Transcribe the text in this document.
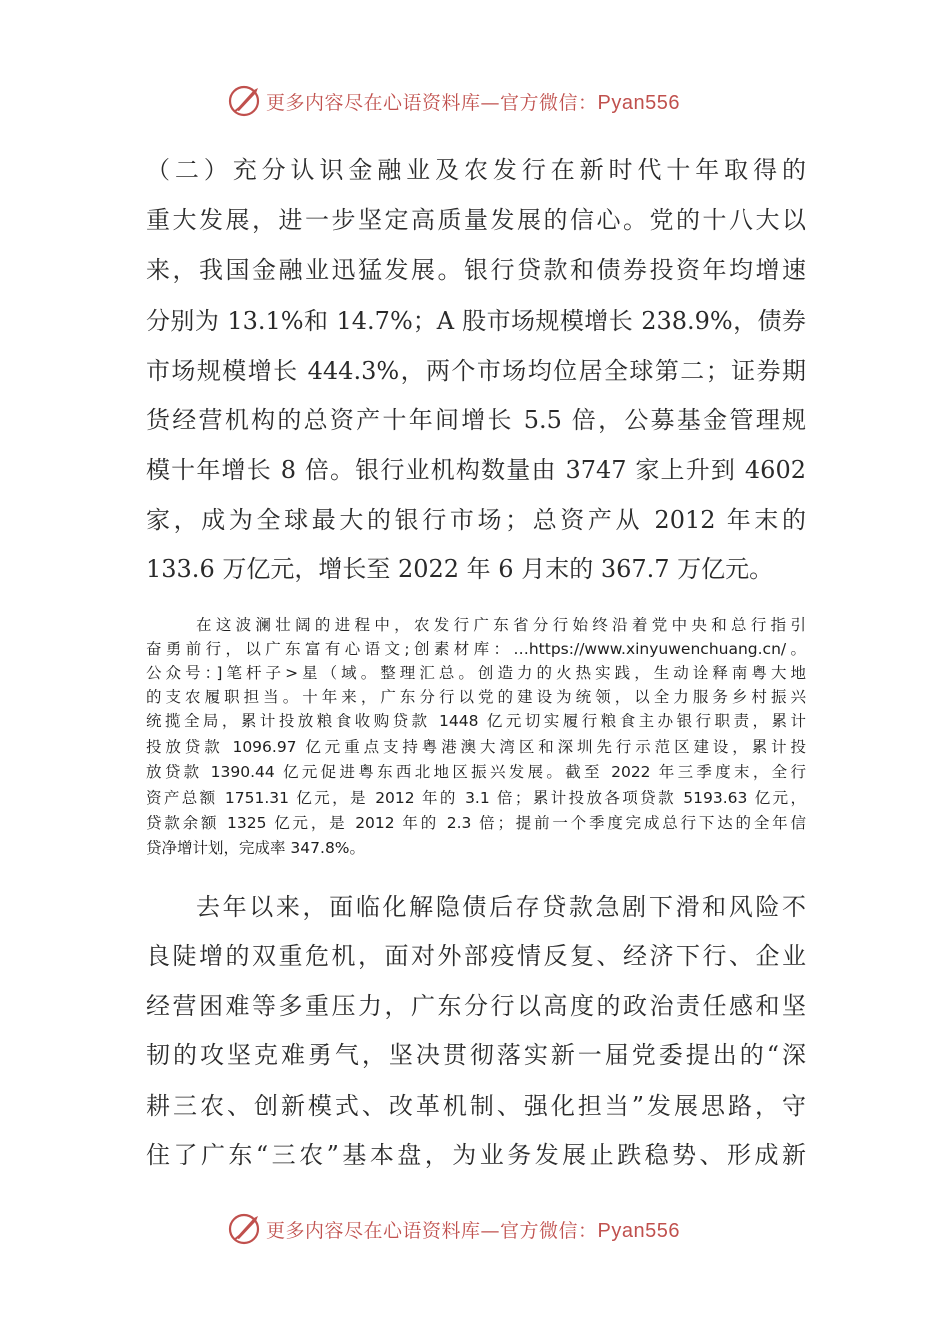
更多内容尽在心语资料库—官方微信：Pyan556
（二）充分认识金融业及农发行在新时代十年取得的
重大发展，进一步坚定高质量发展的信心。党的十八大以
来，我国金融业迅猛发展。银行贷款和债券投资年均增速
分别为 13.1%和 14.7%；A 股市场规模增长 238.9%，债券
市场规模增长 444.3%，两个市场均位居全球第二；证券期
货经营机构的总资产十年间增长 5.5 倍，公募基金管理规
模十年增长 8 倍。银行业机构数量由 3747 家上升到 4602
家，成为全球最大的银行市场；总资产从 2012 年末的
133.6 万亿元，增长至 2022 年 6 月末的 367.7 万亿元。
在这波澜壮阔的进程中，农发行广东省分行始终沿着党中央和总行指引
奋勇前行，以广东富有心语文;创素材库：…https://www.xinyuwenchuang.cn/。
公众号：]笔杆子>星（域。整理汇总。创造力的火热实践，生动诠释南粤大地
的支农履职担当。十年来，广东分行以党的建设为统领，以全力服务乡村振兴
统揽全局，累计投放粮食收购贷款 1448 亿元切实履行粮食主办银行职责，累计
投放贷款 1096.97 亿元重点支持粤港澳大湾区和深圳先行示范区建设，累计投
放贷款 1390.44 亿元促进粤东西北地区振兴发展。截至 2022 年三季度末，全行
资产总额 1751.31 亿元，是 2012 年的 3.1 倍；累计投放各项贷款 5193.63 亿元，
贷款余额 1325 亿元，是 2012 年的 2.3 倍；提前一个季度完成总行下达的全年信
贷净增计划，完成率 347.8%。
去年以来，面临化解隐债后存贷款急剧下滑和风险不
良陡增的双重危机，面对外部疫情反复、经济下行、企业
经营困难等多重压力，广东分行以高度的政治责任感和坚
韧的攻坚克难勇气，坚决贯彻落实新一届党委提出的“深
耕三农、创新模式、改革机制、强化担当”发展思路，守
住了广东“三农”基本盘，为业务发展止跌稳势、形成新
更多内容尽在心语资料库—官方微信：Pyan556
